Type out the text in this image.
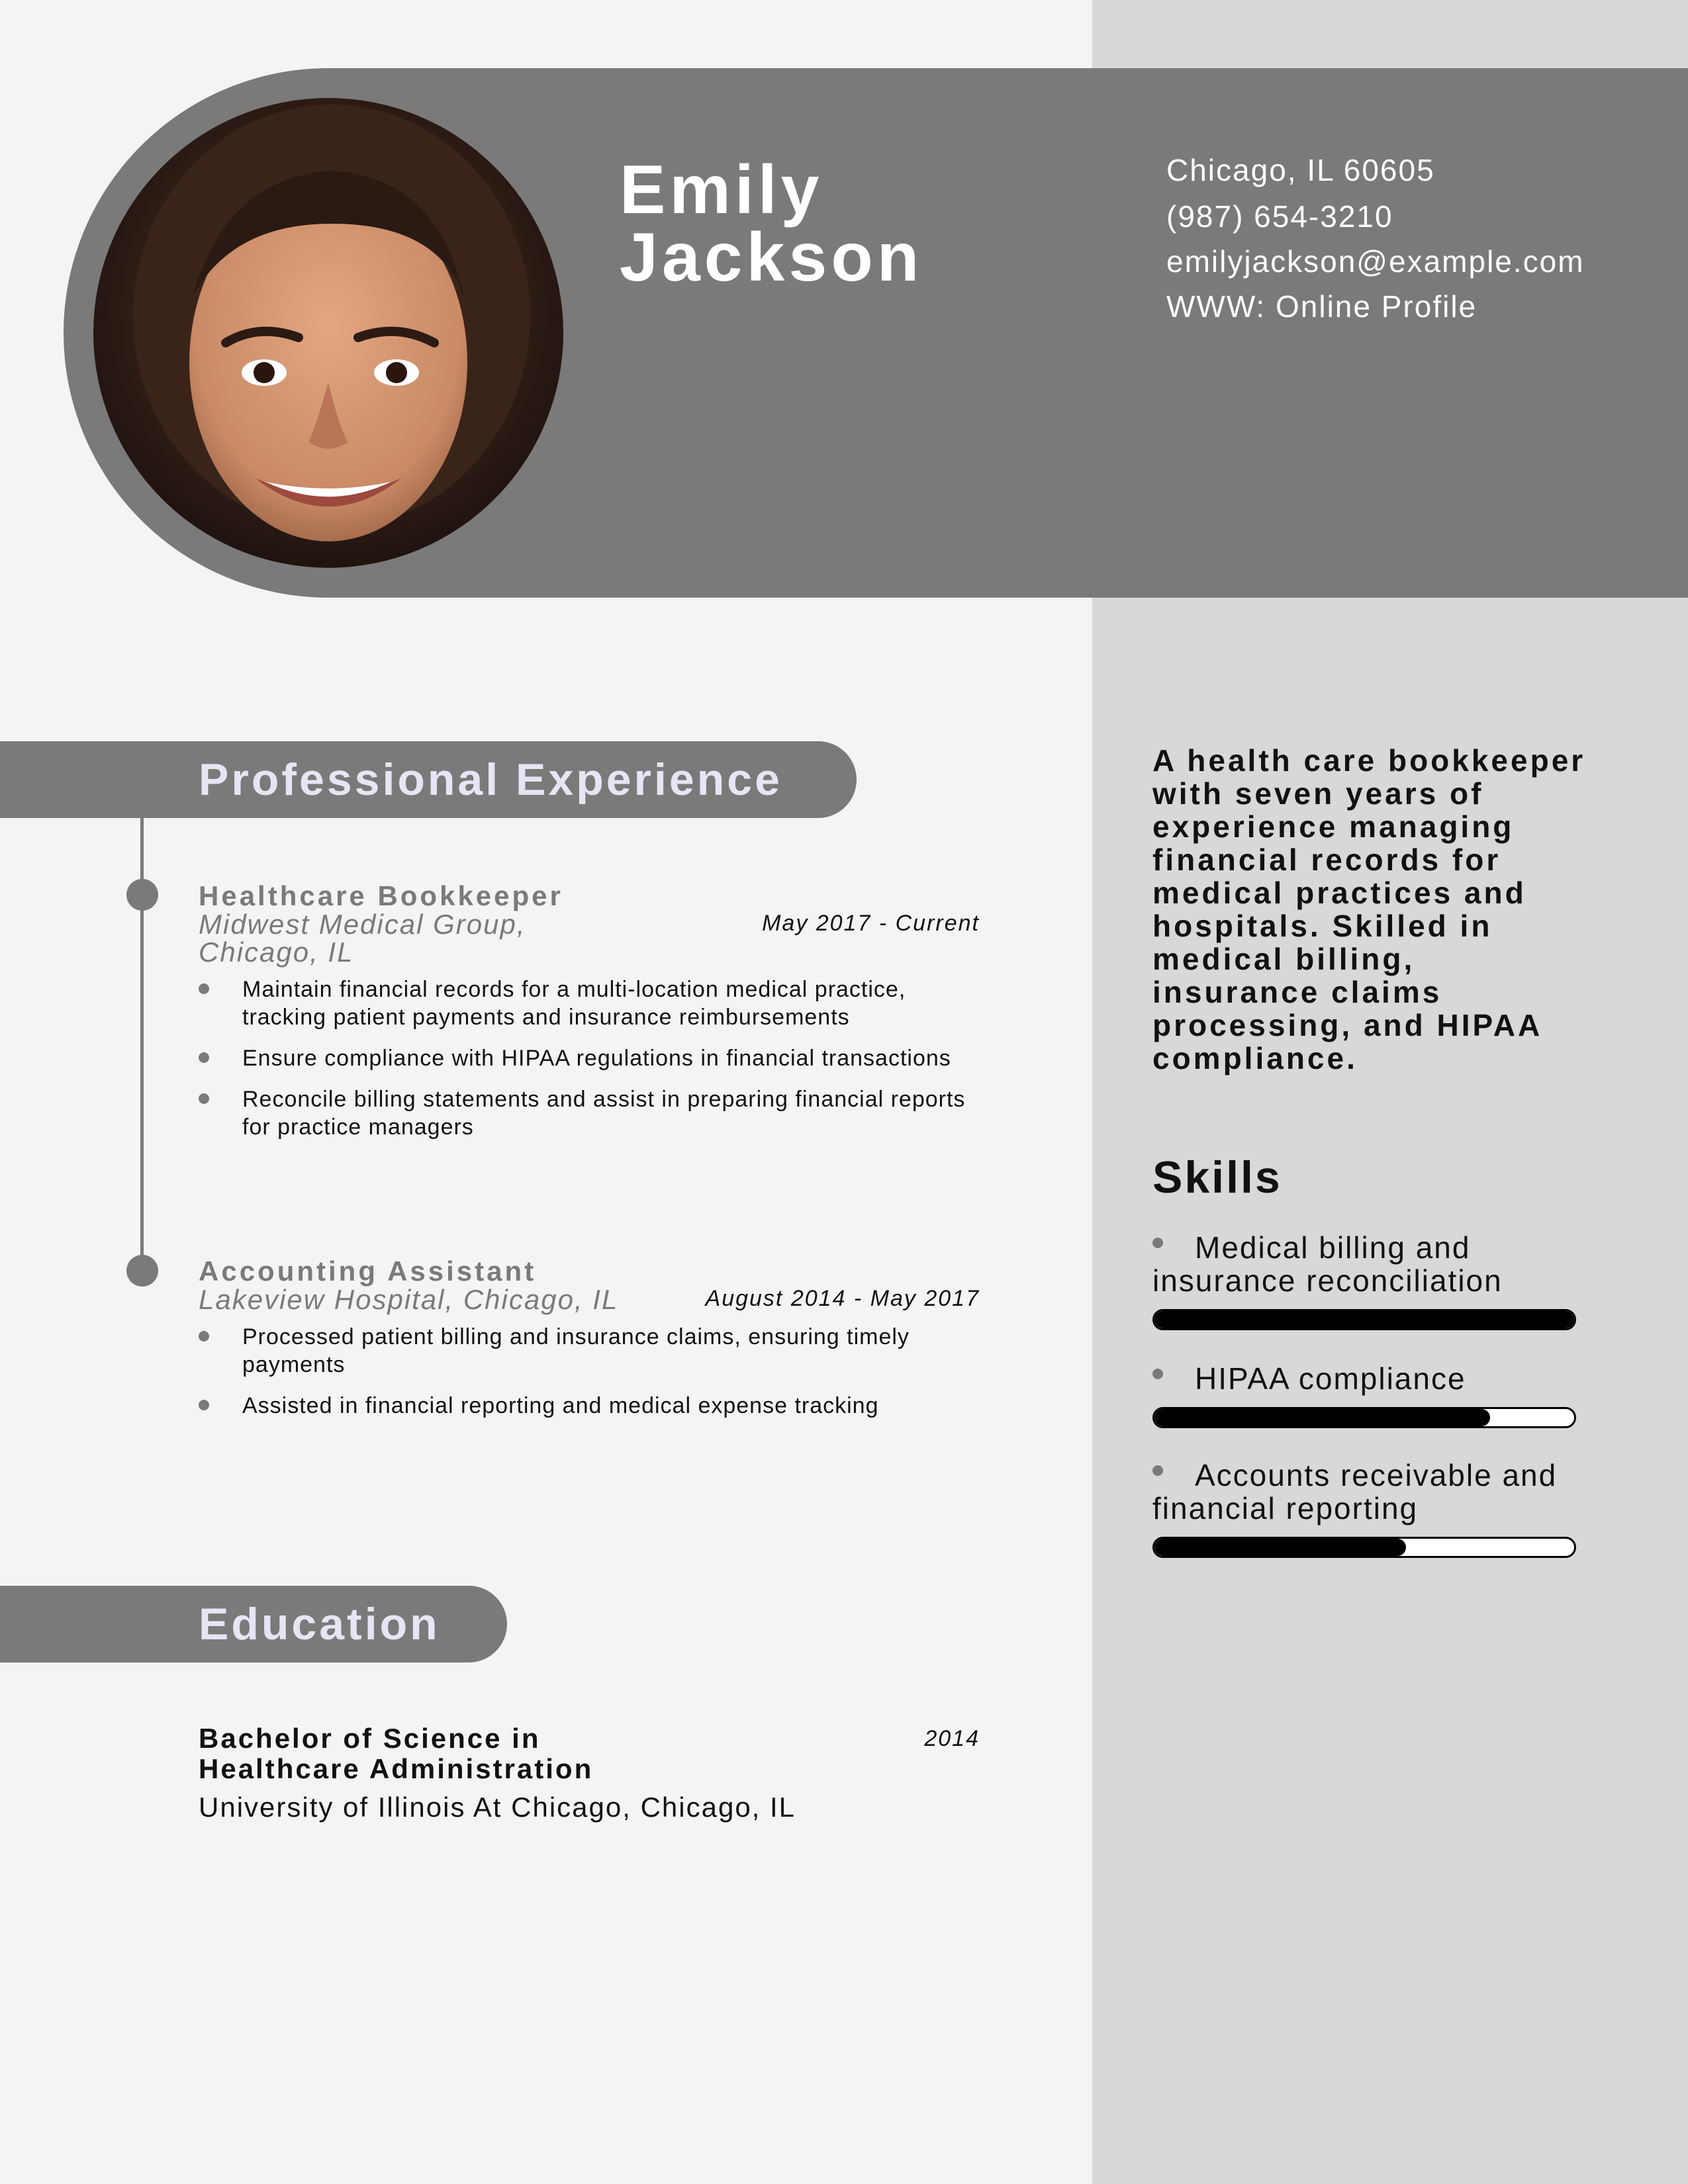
Emily
Jackson
Chicago, IL 60605
(987) 654-3210
emilyjackson@example.com
WWW: Online Profile
Professional Experience

Healthcare Bookkeeper

May 2017 - Current

Midwest Medical Group, Chicago, IL

Maintain financial records for a multi-location medical practice, tracking patient payments and insurance reimbursements
Ensure compliance with HIPAA regulations in financial transactions
Reconcile billing statements and assist in preparing financial reports for practice managers

Accounting Assistant

August 2014 - May 2017

Lakeview Hospital, Chicago, IL

Processed patient billing and insurance claims, ensuring timely payments
Assisted in financial reporting and medical expense tracking
Education

Bachelor of Science in Healthcare Administration

2014
University of Illinois At Chicago, Chicago, IL
A health care bookkeeper with seven years of experience managing financial records for medical practices and hospitals. Skilled in medical billing, insurance claims processing, and HIPAA compliance.
Skills
Medical billing and insurance reconciliation
HIPAA compliance
Accounts receivable and financial reporting
